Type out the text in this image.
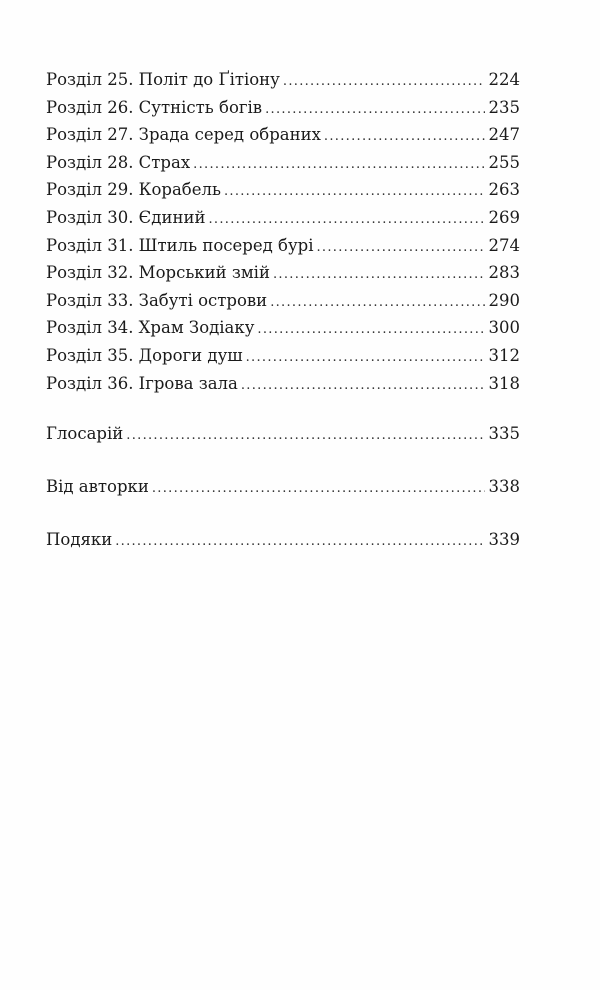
Розділ 25. Політ до Ґітіону .....	224
Розділ 26. Сутність богів .....	235
Розділ 27. Зрада серед обраних .....	247
Розділ 28. Страх .....	255
Розділ 29. Корабель .....	263
Розділ 30. Єдиний .....	269
Розділ 31. Штиль посеред бурі .....	274
Розділ 32. Морський змій .....	283
Розділ 33. Забуті острови .....	290
Розділ 34. Храм Зодіаку .....	300
Розділ 35. Дороги душ .....	312
Розділ 36. Ігрова зала .....	318
Глосарій .....	335
Від авторки .....	338
Подяки .....	339
